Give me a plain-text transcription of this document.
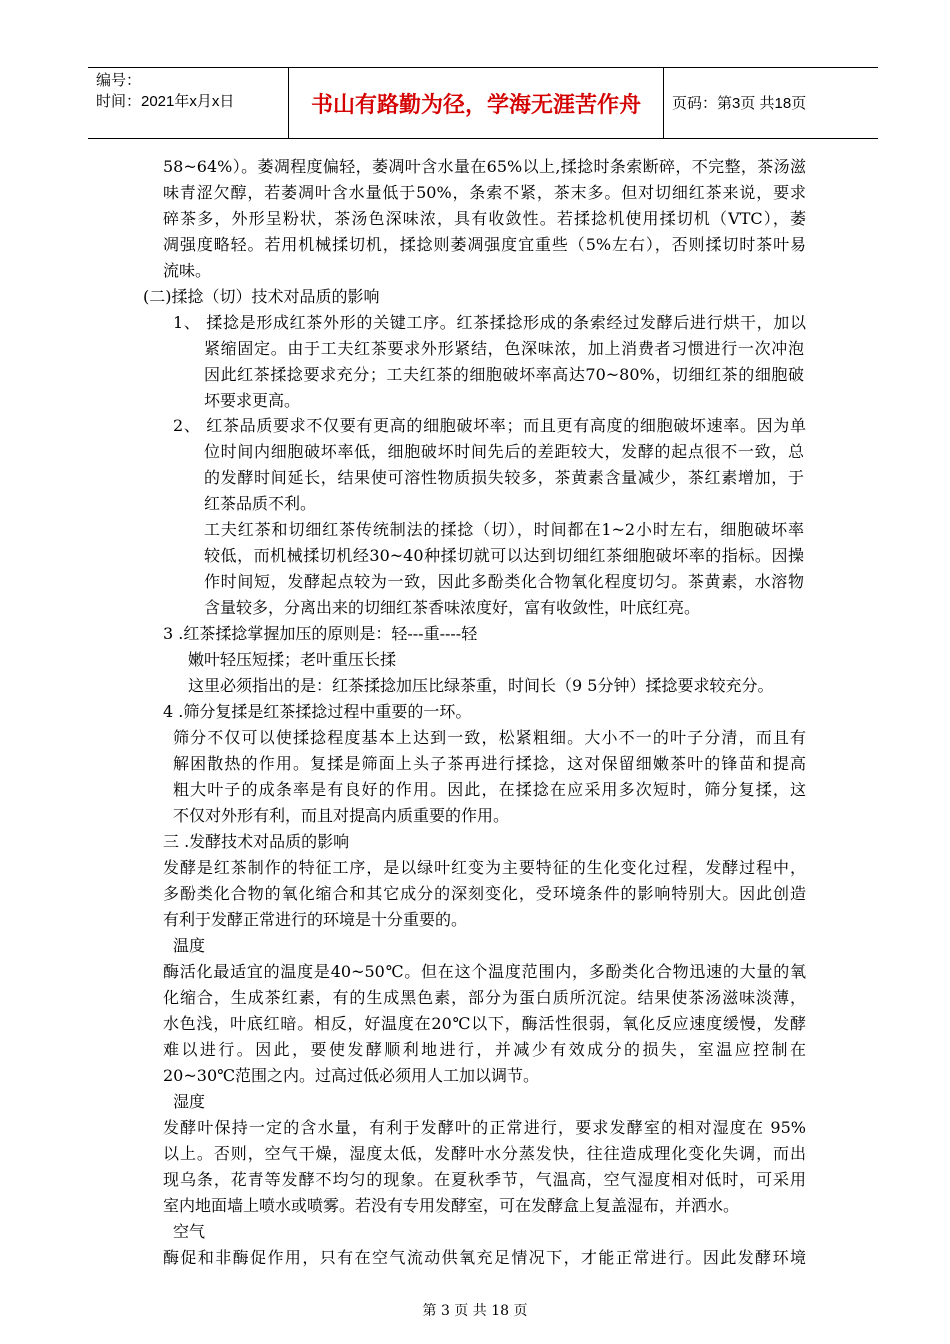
编号：
时间：2021年x月x日	书山有路勤为径，学海无涯苦作舟	页码：第3页 共18页
58~64%）。萎凋程度偏轻，萎凋叶含水量在65%以上,揉捻时条索断碎，不完整，茶汤滋
味青涩欠醇，若萎凋叶含水量低于50%，条索不紧，茶末多。但对切细红茶来说，要求
碎茶多，外形呈粉状，茶汤色深味浓，具有收敛性。若揉捻机使用揉切机（VTC），萎
凋强度略轻。若用机械揉切机，揉捻则萎凋强度宜重些（5%左右），否则揉切时茶叶易
流味。
(二)揉捻（切）技术对品质的影响
1、 揉捻是形成红茶外形的关键工序。红茶揉捻形成的条索经过发酵后进行烘干，加以
紧缩固定。由于工夫红茶要求外形紧结，色深味浓，加上消费者习惯进行一次冲泡
因此红茶揉捻要求充分；工夫红茶的细胞破坏率高达70~80%，切细红茶的细胞破
坏要求更高。
2、 红茶品质要求不仅要有更高的细胞破坏率；而且更有高度的细胞破坏速率。因为单
位时间内细胞破坏率低，细胞破坏时间先后的差距较大，发酵的起点很不一致，总
的发酵时间延长，结果使可溶性物质损失较多，茶黄素含量减少，茶红素增加，于
红茶品质不利。
工夫红茶和切细红茶传统制法的揉捻（切），时间都在1~2小时左右，细胞破坏率
较低，而机械揉切机经30~40种揉切就可以达到切细红茶细胞破坏率的指标。因操
作时间短，发酵起点较为一致，因此多酚类化合物氧化程度切匀。茶黄素，水溶物
含量较多，分离出来的切细红茶香味浓度好，富有收敛性，叶底红亮。
3 .红茶揉捻掌握加压的原则是：轻---重----轻
嫩叶轻压短揉；老叶重压长揉
这里必须指出的是：红茶揉捻加压比绿茶重，时间长（9 5分钟）揉捻要求较充分。
4 .筛分复揉是红茶揉捻过程中重要的一环。
筛分不仅可以使揉捻程度基本上达到一致，松紧粗细。大小不一的叶子分清，而且有
解困散热的作用。复揉是筛面上头子茶再进行揉捻，这对保留细嫩茶叶的锋苗和提高
粗大叶子的成条率是有良好的作用。因此，在揉捻在应采用多次短时，筛分复揉，这
不仅对外形有利，而且对提高内质重要的作用。
三 .发酵技术对品质的影响
发酵是红茶制作的特征工序，是以绿叶红变为主要特征的生化变化过程，发酵过程中，
多酚类化合物的氧化缩合和其它成分的深刻变化，受环境条件的影响特别大。因此创造
有利于发酵正常进行的环境是十分重要的。
温度
酶活化最适宜的温度是40~50℃。但在这个温度范围内，多酚类化合物迅速的大量的氧
化缩合，生成茶红素，有的生成黑色素，部分为蛋白质所沉淀。结果使茶汤滋味淡薄，
水色浅，叶底红暗。相反，好温度在20℃以下，酶活性很弱，氧化反应速度缓慢，发酵
难以进行。因此，要使发酵顺利地进行，并减少有效成分的损失，室温应控制在
20~30℃范围之内。过高过低必须用人工加以调节。
湿度
发酵叶保持一定的含水量，有利于发酵叶的正常进行，要求发酵室的相对湿度在 95%
以上。否则，空气干燥，湿度太低，发酵叶水分蒸发快，往往造成理化变化失调，而出
现乌条，花青等发酵不均匀的现象。在夏秋季节，气温高，空气湿度相对低时，可采用
室内地面墙上喷水或喷雾。若没有专用发酵室，可在发酵盒上复盖湿布，并洒水。
空气
酶促和非酶促作用，只有在空气流动供氧充足情况下，才能正常进行。因此发酵环境
第 3 页 共 18 页
